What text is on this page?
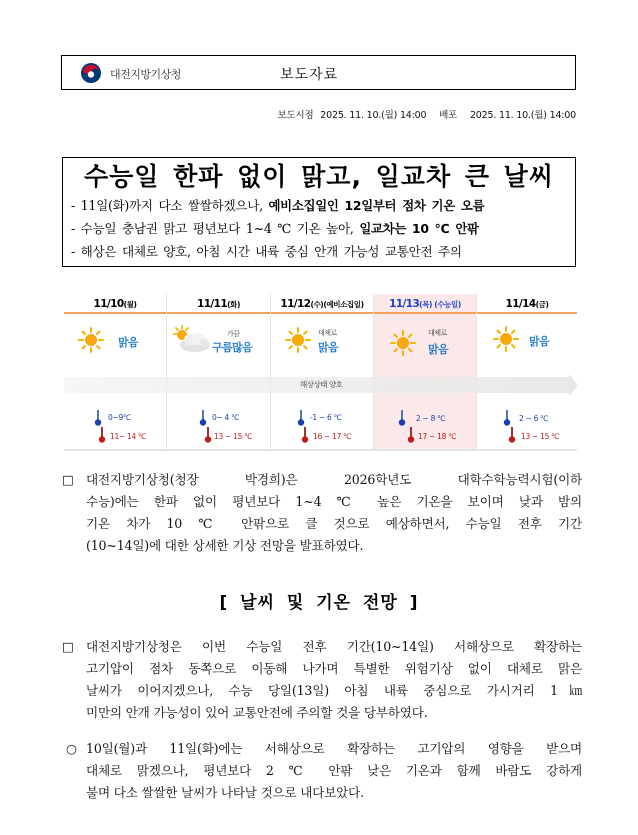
대전지방기상청	보도자료
보도시점 2025. 11. 10.(월) 14:00 배포 2025. 11. 10.(월) 14:00
수능일 한파 없이 맑고, 일교차 큰 날씨
- 11일(화)까지 다소 쌀쌀하겠으나, 예비소집일인 12일부터 점차 기온 오름
- 수능일 충남권 맑고 평년보다 1~4 ℃ 기온 높아, 일교차는 10 ℃ 안팎
- 해상은 대체로 양호, 아침 시간 내륙 중심 안개 가능성 교통안전 주의
11/10(월)
맑음
0~9℃
11~ 14 ℃
11/11(화)
가끔
구름많음
0~ 4 ℃
13 ~ 15 ℃
11/12(수)(예비소집일)
대체로
맑음
-1 ~ 6 ℃
16 ~ 17 ℃
11/13(목) (수능일)
대체로
맑음
2 ~ 8 ℃
17 ~ 18 ℃
11/14(금)
맑음
2 ~ 6 ℃
13 ~ 15 ℃
해상상태 양호
□ 대전지방기상청(청장 박경희)은 2026학년도 대학수학능력시험(이하
수능)에는 한파 없이 평년보다 1~4 ℃ 높은 기온을 보이며 낮과 밤의
기온 차가 10 ℃ 안팎으로 클 것으로 예상하면서, 수능일 전후 기간
(10~14일)에 대한 상세한 기상 전망을 발표하였다.
[ 날씨 및 기온 전망 ]
□ 대전지방기상청은 이번 수능일 전후 기간(10~14일) 서해상으로 확장하는
고기압이 점차 동쪽으로 이동해 나가며 특별한 위험기상 없이 대체로 맑은
날씨가 이어지겠으나, 수능 당일(13일) 아침 내륙 중심으로 가시거리 1㎞
미만의 안개 가능성이 있어 교통안전에 주의할 것을 당부하였다.
○ 10일(월)과 11일(화)에는 서해상으로 확장하는 고기압의 영향을 받으며
대체로 맑겠으나, 평년보다 2 ℃ 안팎 낮은 기온과 함께 바람도 강하게
불며 다소 쌀쌀한 날씨가 나타날 것으로 내다보았다.
